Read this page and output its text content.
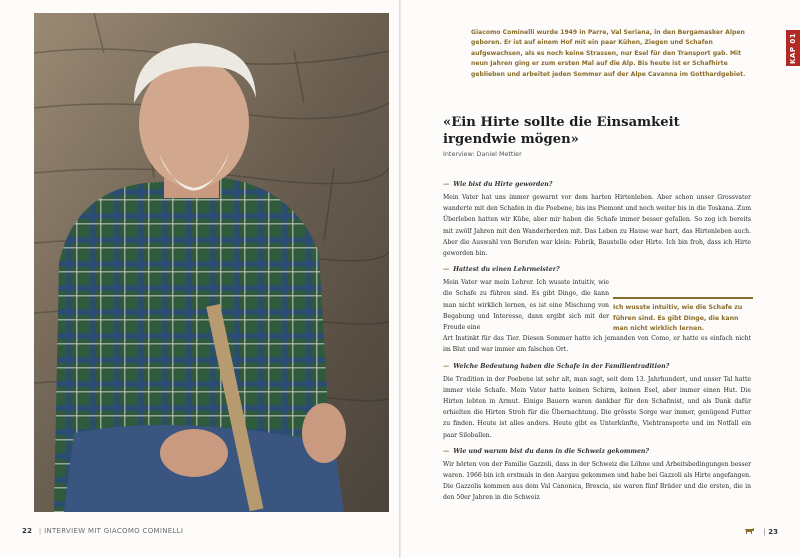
22 | INTERVIEW MIT GIACOMO COMINELLI
KAP 01

Giacomo Cominelli wurde 1949 in Parre, Val Seriana, in den Bergamasker Alpen geboren. Er ist auf einem Hof mit ein paar Kühen, Ziegen und Schafen aufgewachsen, als es noch keine Strassen, nur Esel für den Transport gab. Mit neun Jahren ging er zum ersten Mal auf die Alp. Bis heute ist er Schafhirte geblieben und arbeitet jeden Sommer auf der Alpe Cavanna im Gotthardgebiet.

«Ein Hirte sollte die Einsamkeit irgendwie mögen»
Interview: Daniel Mettler

— Wie bist du Hirte geworden?

Mein Vater hat uns immer gewarnt vor dem harten Hirtenleben. Aber schon unser Grossvater wanderte mit den Schafen in die Poebene, bis ins Piemont und noch weiter bis in die Toskana. Zum Überleben hatten wir Kühe, aber mir haben die Schafe immer besser gefallen. So zog ich bereits mit zwölf Jahren mit den Wanderherden mit. Das Leben zu Hause war hart, das Hirtenleben auch. Aber die Auswahl von Berufen war klein: Fabrik, Baustelle oder Hirte. Ich bin froh, dass ich Hirte geworden bin.

— Hattest du einen Lehrmeister?

Mein Vater war mein Lehrer. Ich wusste intuitiv, wie die Schafe zu führen sind. Es gibt Dinge, die kann man nicht wirklich lernen, es ist eine Mischung von Begabung und Interesse, dann ergibt sich mit der Freude eine

Art Instinkt für das Tier. Diesen Sommer hatte ich jemanden von Como, er hatte es einfach nicht im Blut und war immer am falschen Ort.

— Welche Bedeutung haben die Schafe in der Familientradition?

Die Tradition in der Poebene ist sehr alt, man sagt, seit dem 13. Jahrhundert, und unser Tal hatte immer viele Schafe. Mein Vater hatte keinen Schirm, keinen Esel, aber immer einen Hut. Die Hirten lebten in Armut. Einige Bauern waren dankbar für den Schafmist, und als Dank dafür erhielten die Hirten Stroh für die Übernachtung. Die grösste Sorge war immer, genügend Futter zu finden. Heute ist alles anders. Heute gibt es Unterkünfte, Viehtransporte und im Notfall ein paar Siloballen.

— Wie und warum bist du dann in die Schweiz gekommen?

Wir hörten von der Familie Gazzoli, dass in der Schweiz die Löhne und Arbeitsbedingungen besser waren. 1966 bin ich erstmals in den Aargau gekommen und habe bei Gazzoli als Hirte angefangen. Die Gazzolis kommen aus dem Val Canonica, Brescia, sie waren fünf Brüder und die ersten, die in den 50er Jahren in die Schweiz

Ich wusste intuitiv, wie die Schafe zu führen sind. Es gibt Dinge, die kann man nicht wirklich lernen.

| 23
